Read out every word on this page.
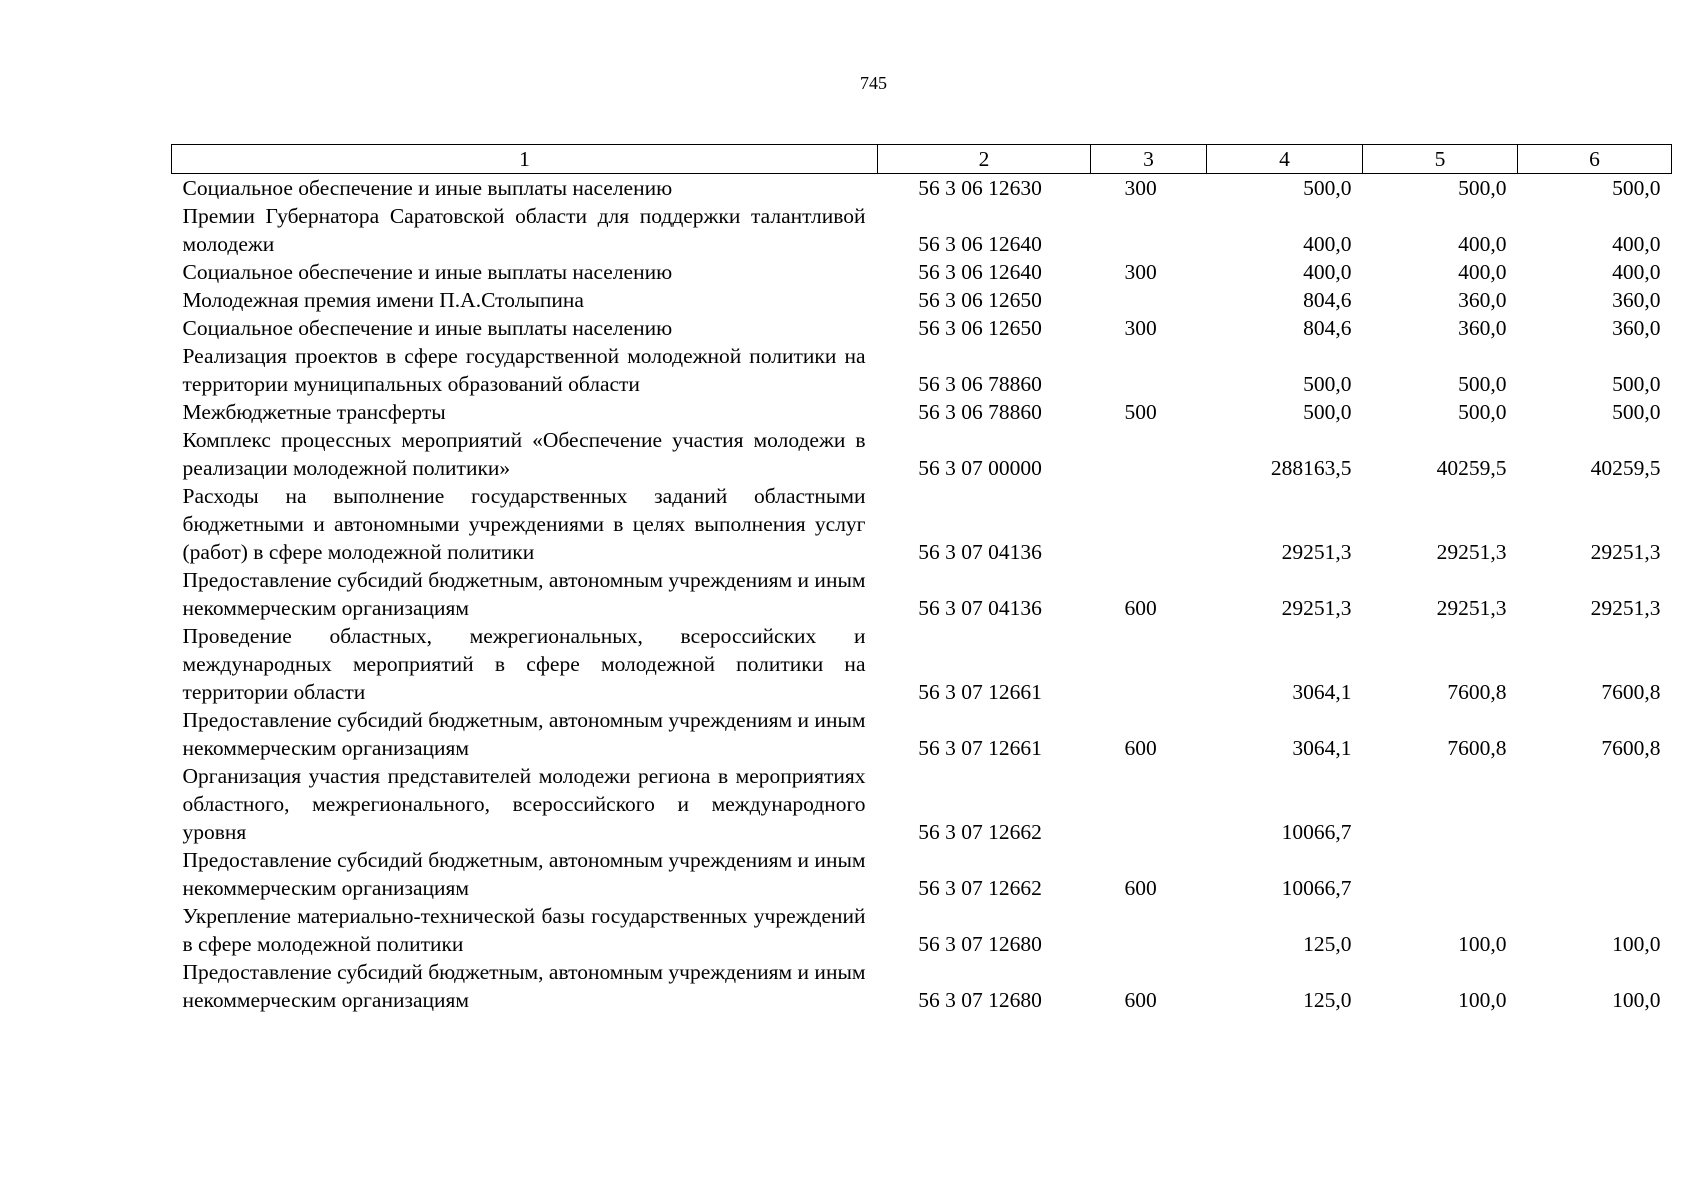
745
1	2	3	4	5	6
Социальное обеспечение и иные выплаты населению	56 3 06 12630	300	500,0	500,0	500,0
Премии Губернатора Саратовской области для поддержки талантливой молодежи	56 3 06 12640		400,0	400,0	400,0
Социальное обеспечение и иные выплаты населению	56 3 06 12640	300	400,0	400,0	400,0
Молодежная премия имени П.А.Столыпина	56 3 06 12650		804,6	360,0	360,0
Социальное обеспечение и иные выплаты населению	56 3 06 12650	300	804,6	360,0	360,0
Реализация проектов в сфере государственной молодежной политики на территории муниципальных образований области	56 3 06 78860		500,0	500,0	500,0
Межбюджетные трансферты	56 3 06 78860	500	500,0	500,0	500,0
Комплекс процессных мероприятий «Обеспечение участия молодежи в реализации молодежной политики»	56 3 07 00000		288163,5	40259,5	40259,5
Расходы на выполнение государственных заданий областными бюджетными и автономными учреждениями в целях выполнения услуг (работ) в сфере молодежной политики	56 3 07 04136		29251,3	29251,3	29251,3
Предоставление субсидий бюджетным, автономным учреждениям и иным некоммерческим организациям	56 3 07 04136	600	29251,3	29251,3	29251,3
Проведение областных, межрегиональных, всероссийских и международных мероприятий в сфере молодежной политики на территории области	56 3 07 12661		3064,1	7600,8	7600,8
Предоставление субсидий бюджетным, автономным учреждениям и иным некоммерческим организациям	56 3 07 12661	600	3064,1	7600,8	7600,8
Организация участия представителей молодежи региона в мероприятиях областного, межрегионального, всероссийского и международного уровня	56 3 07 12662		10066,7		
Предоставление субсидий бюджетным, автономным учреждениям и иным некоммерческим организациям	56 3 07 12662	600	10066,7		
Укрепление материально-технической базы государственных учреждений в сфере молодежной политики	56 3 07 12680		125,0	100,0	100,0
Предоставление субсидий бюджетным, автономным учреждениям и иным некоммерческим организациям	56 3 07 12680	600	125,0	100,0	100,0
